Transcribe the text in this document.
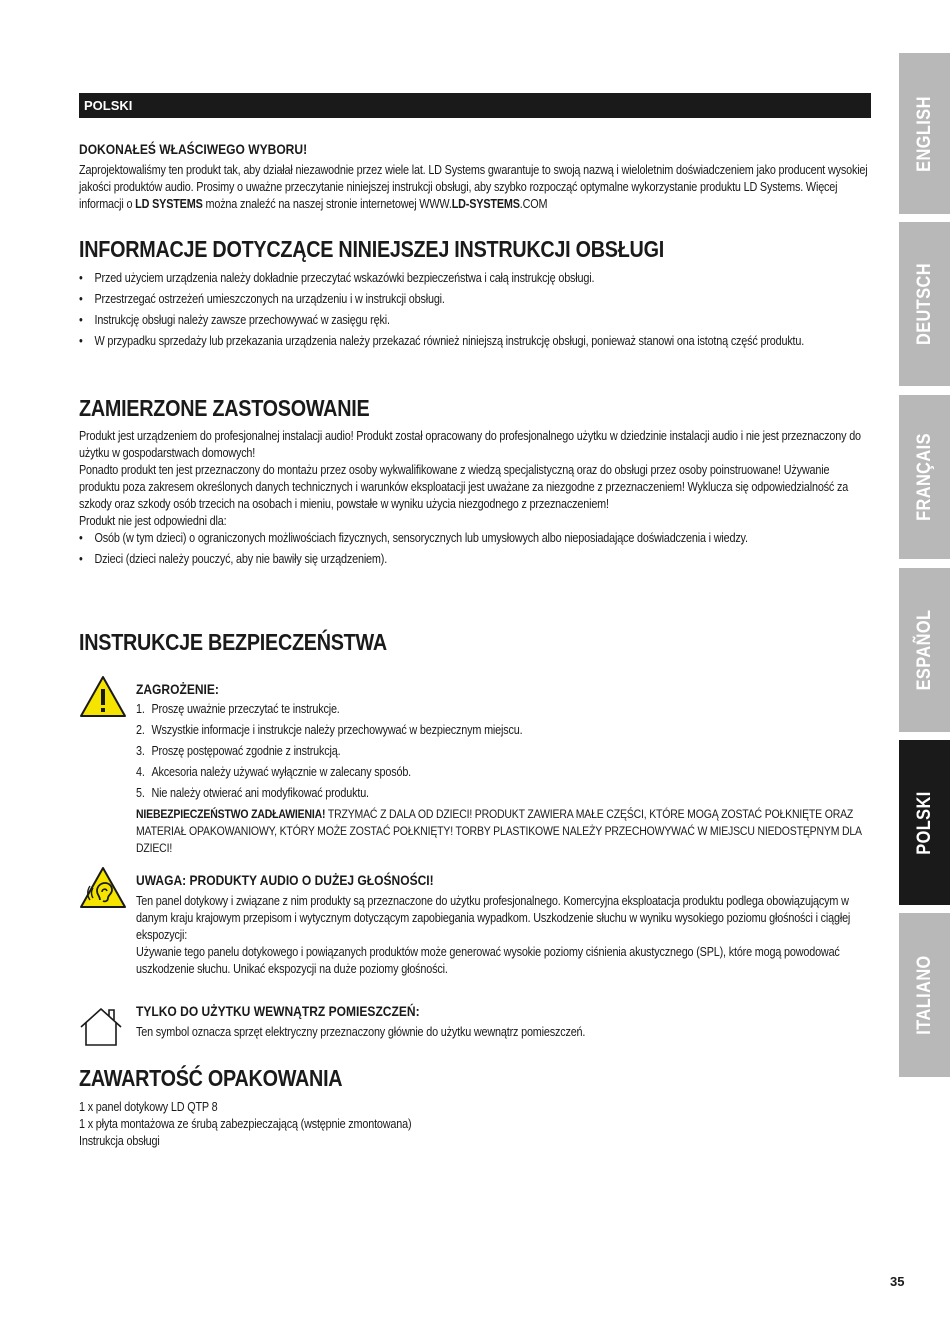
POLSKI

DOKONAŁEŚ WŁAŚCIWEGO WYBORU!

Zaprojektowaliśmy ten produkt tak, aby działał niezawodnie przez wiele lat. LD Systems gwarantuje to swoją nazwą i wieloletnim doświadczeniem jako producent wysokiej jakości produktów audio. Prosimy o uważne przeczytanie niniejszej instrukcji obsługi, aby szybko rozpocząć optymalne wykorzystanie produktu LD Systems. Więcej informacji o LD SYSTEMS można znaleźć na naszej stronie internetowej WWW.LD-SYSTEMS.COM

INFORMACJE DOTYCZĄCE NINIEJSZEJ INSTRUKCJI OBSŁUGI

• Przed użyciem urządzenia należy dokładnie przeczytać wskazówki bezpieczeństwa i całą instrukcję obsługi.
• Przestrzegać ostrzeżeń umieszczonych na urządzeniu i w instrukcji obsługi.
• Instrukcję obsługi należy zawsze przechowywać w zasięgu ręki.
• W przypadku sprzedaży lub przekazania urządzenia należy przekazać również niniejszą instrukcję obsługi, ponieważ stanowi ona istotną część produktu.

ZAMIERZONE ZASTOSOWANIE

Produkt jest urządzeniem do profesjonalnej instalacji audio! Produkt został opracowany do profesjonalnego użytku w dziedzinie instalacji audio i nie jest przeznaczony do użytku w gospodarstwach domowych!

Ponadto produkt ten jest przeznaczony do montażu przez osoby wykwalifikowane z wiedzą specjalistyczną oraz do obsługi przez osoby poinstruowane! Używanie produktu poza zakresem określonych danych technicznych i warunków eksploatacji jest uważane za niezgodne z przeznaczeniem! Wyklucza się odpowiedzialność za szkody oraz szkody osób trzecich na osobach i mieniu, powstałe w wyniku użycia niezgodnego z przeznaczeniem!

Produkt nie jest odpowiedni dla:

• Osób (w tym dzieci) o ograniczonych możliwościach fizycznych, sensorycznych lub umysłowych albo nieposiadające doświadczenia i wiedzy.
• Dzieci (dzieci należy pouczyć, aby nie bawiły się urządzeniem).

INSTRUKCJE BEZPIECZEŃSTWA

ZAGROŻENIE:

1. Proszę uważnie przeczytać te instrukcje.
2. Wszystkie informacje i instrukcje należy przechowywać w bezpiecznym miejscu.
3. Proszę postępować zgodnie z instrukcją.
4. Akcesoria należy używać wyłącznie w zalecany sposób.
5. Nie należy otwierać ani modyfikować produktu.

NIEBEZPIECZEŃSTWO ZADŁAWIENIA! TRZYMAĆ Z DALA OD DZIECI! PRODUKT ZAWIERA MAŁE CZĘŚCI, KTÓRE MOGĄ ZOSTAĆ POŁKNIĘTE ORAZ MATERIAŁ OPAKOWANIOWY, KTÓRY MOŻE ZOSTAĆ POŁKNIĘTY! TORBY PLASTIKOWE NALEŻY PRZECHOWYWAĆ W MIEJSCU NIEDOSTĘPNYM DLA DZIECI!

UWAGA: PRODUKTY AUDIO O DUŻEJ GŁOŚNOŚCI!

Ten panel dotykowy i związane z nim produkty są przeznaczone do użytku profesjonalnego. Komercyjna eksploatacja produktu podlega obowiązującym w danym kraju krajowym przepisom i wytycznym dotyczącym zapobiegania wypadkom. Uszkodzenie słuchu w wyniku wysokiego poziomu głośności i ciągłej ekspozycji:

Używanie tego panelu dotykowego i powiązanych produktów może generować wysokie poziomy ciśnienia akustycznego (SPL), które mogą powodować uszkodzenie słuchu. Unikać ekspozycji na duże poziomy głośności.

TYLKO DO UŻYTKU WEWNĄTRZ POMIESZCZEŃ:

Ten symbol oznacza sprzęt elektryczny przeznaczony głównie do użytku wewnątrz pomieszczeń.

ZAWARTOŚĆ OPAKOWANIA

1 x panel dotykowy LD QTP 8

1 x płyta montażowa ze śrubą zabezpieczającą (wstępnie zmontowana)

Instrukcja obsługi

ENGLISH
DEUTSCH
FRANÇAIS
ESPAÑOL
POLSKI
ITALIANO
35
